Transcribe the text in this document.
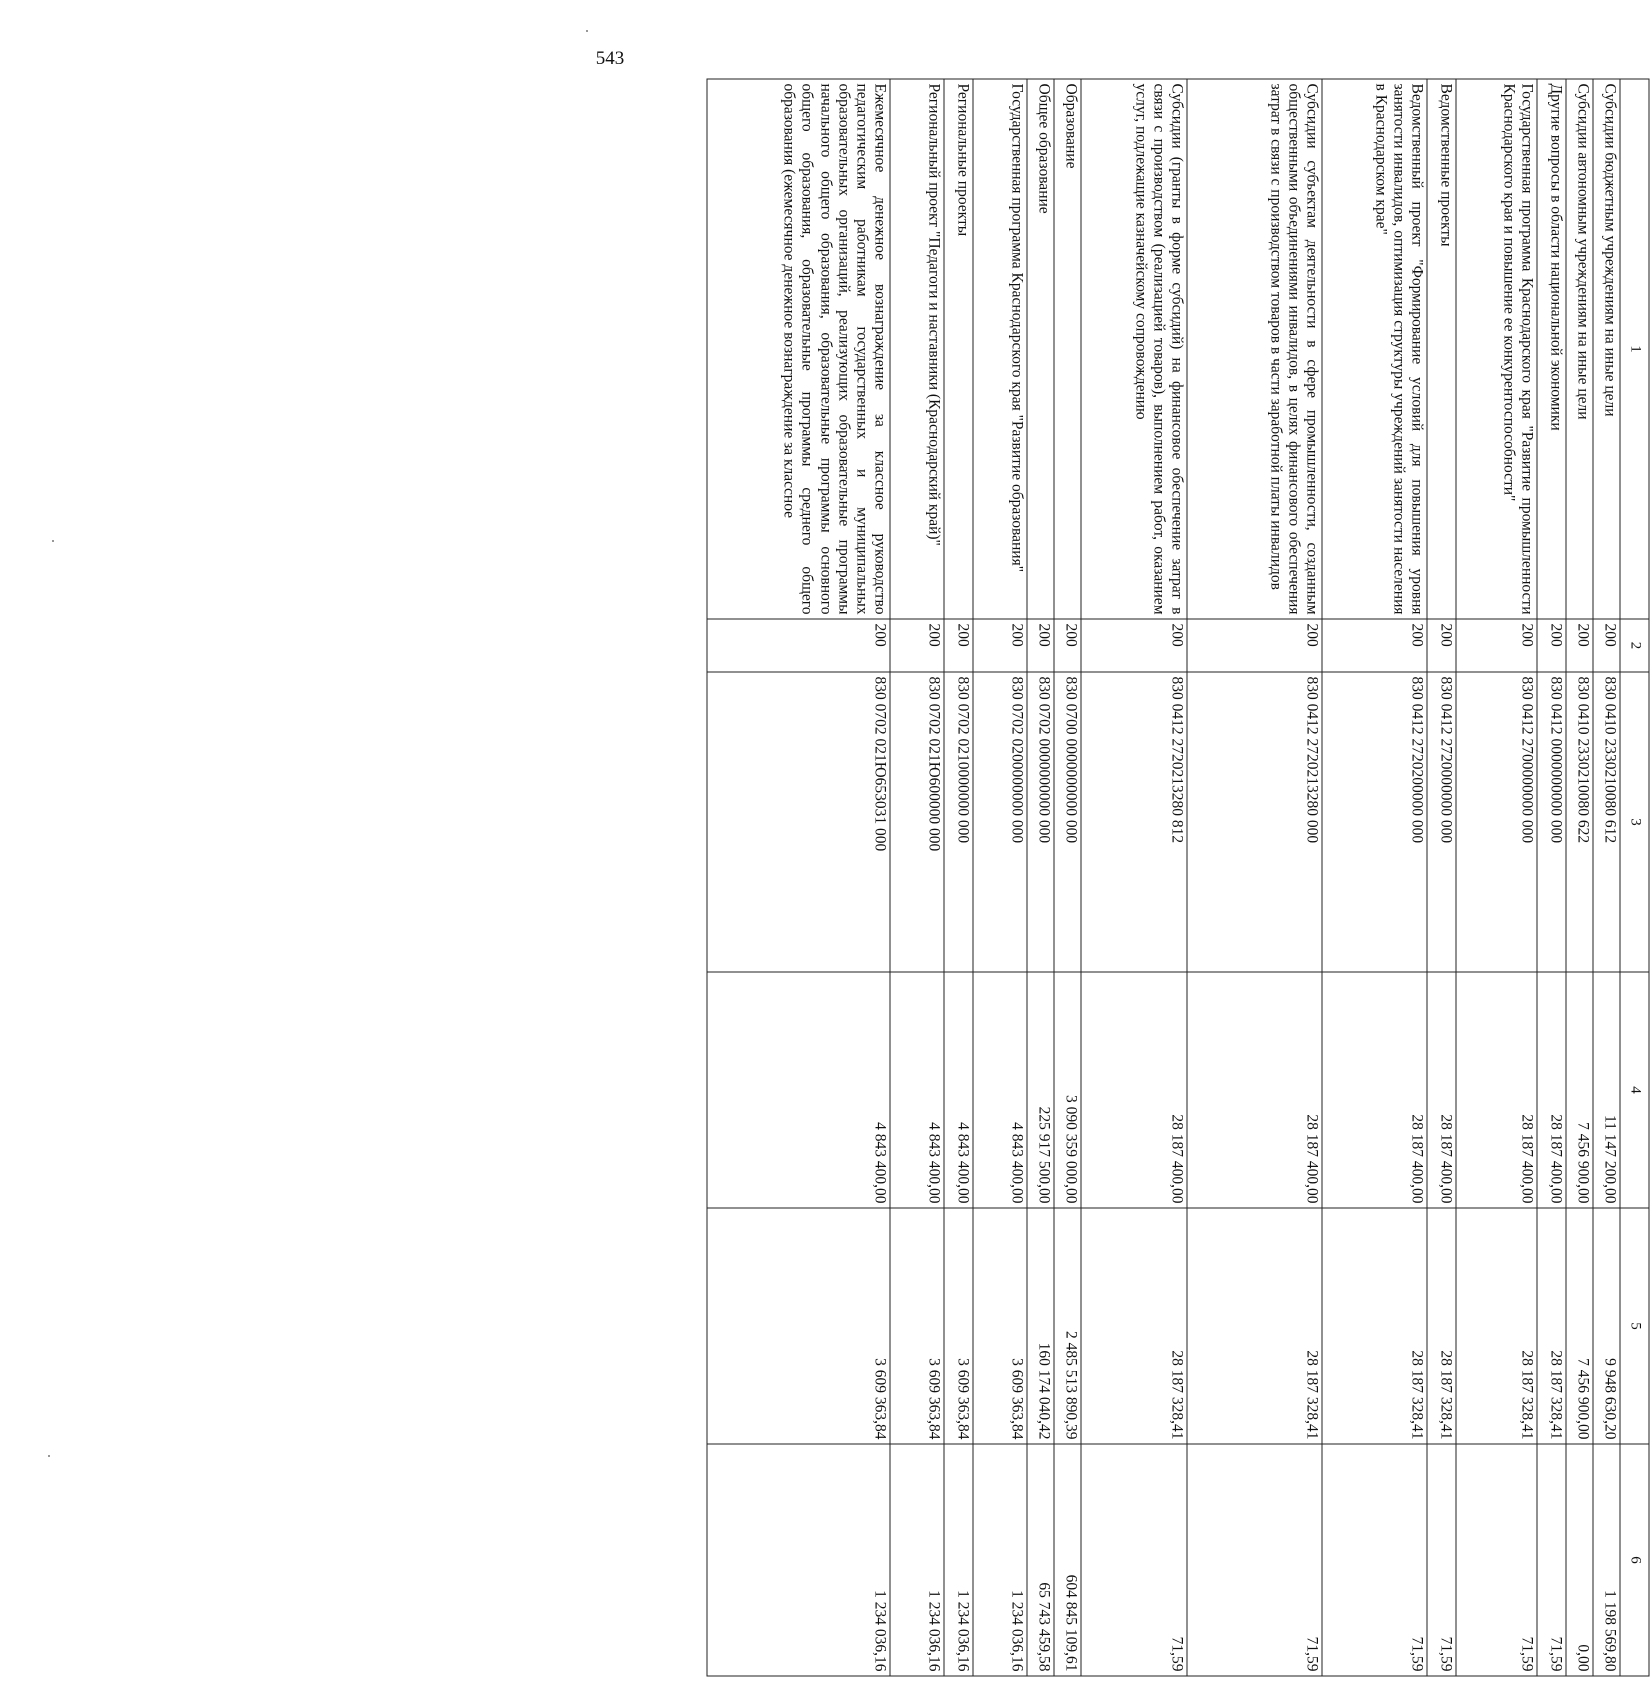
543
1	2	3	4	5	6
Субсидии бюджетным учреждениям на иные цели	200	830 0410 2330210080 612	11 147 200,00	9 948 630,20	1 198 569,80
Субсидии автономным учреждениям на иные цели	200	830 0410 2330210080 622	7 456 900,00	7 456 900,00	0,00
Другие вопросы в области национальной экономики	200	830 0412 0000000000 000	28 187 400,00	28 187 328,41	71,59
Государственная программа Краснодарского края "Развитие промышленности Краснодарского края и повышение ее конкурентоспособности"	200	830 0412 2700000000 000	28 187 400,00	28 187 328,41	71,59
Ведомственные проекты	200	830 0412 2720000000 000	28 187 400,00	28 187 328,41	71,59
Ведомственный проект "Формирование условий для повышения уровня занятости инвалидов, оптимизация структуры учреждений занятости населения в Краснодарском крае"	200	830 0412 2720200000 000	28 187 400,00	28 187 328,41	71,59
Субсидии субъектам деятельности в сфере промышленности, созданным общественными объединениями инвалидов, в целях финансового обеспечения затрат в связи с производством товаров в части заработной платы инвалидов	200	830 0412 2720213280 000	28 187 400,00	28 187 328,41	71,59
Субсидии (гранты в форме субсидий) на финансовое обеспечение затрат в связи с производством (реализацией товаров), выполнением работ, оказанием услуг, подлежащие казначейскому сопровождению	200	830 0412 2720213280 812	28 187 400,00	28 187 328,41	71,59
Образование	200	830 0700 0000000000 000	3 090 359 000,00	2 485 513 890,39	604 845 109,61
Общее образование	200	830 0702 0000000000 000	225 917 500,00	160 174 040,42	65 743 459,58
Государственная программа Краснодарского края "Развитие образования"	200	830 0702 0200000000 000	4 843 400,00	3 609 363,84	1 234 036,16
Региональные проекты	200	830 0702 0210000000 000	4 843 400,00	3 609 363,84	1 234 036,16
Региональный проект "Педагоги и наставники (Краснодарский край)"	200	830 0702 021Ю600000 000	4 843 400,00	3 609 363,84	1 234 036,16
Ежемесячное денежное вознаграждение за классное руководство педагогическим работникам государственных и муниципальных образовательных организаций, реализующих образовательные программы начального общего образования, образовательные программы основного общего образования, образовательные программы среднего общего образования (ежемесячное денежное вознаграждение за классное	200	830 0702 021Ю653031 000	4 843 400,00	3 609 363,84	1 234 036,16
